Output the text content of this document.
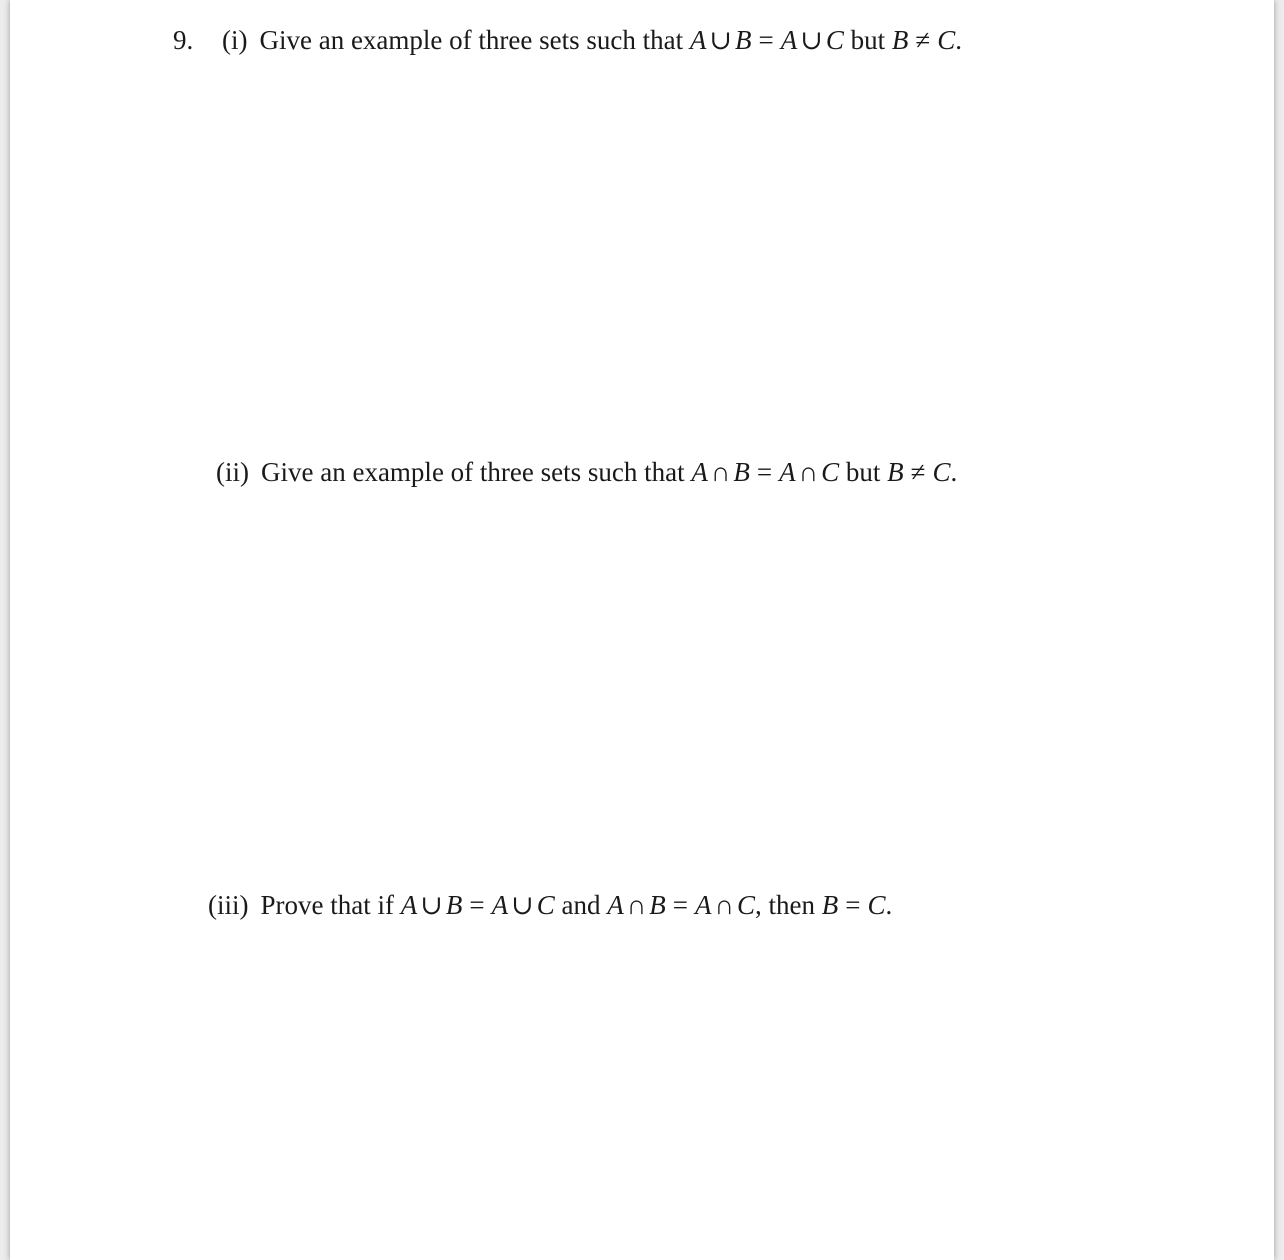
9. (i) Give an example of three sets such that A ∪ B = A ∪ C but B ≠ C.
(ii) Give an example of three sets such that A ∩ B = A ∩ C but B ≠ C.
(iii) Prove that if A ∪ B = A ∪ C and A ∩ B = A ∩ C, then B = C.
